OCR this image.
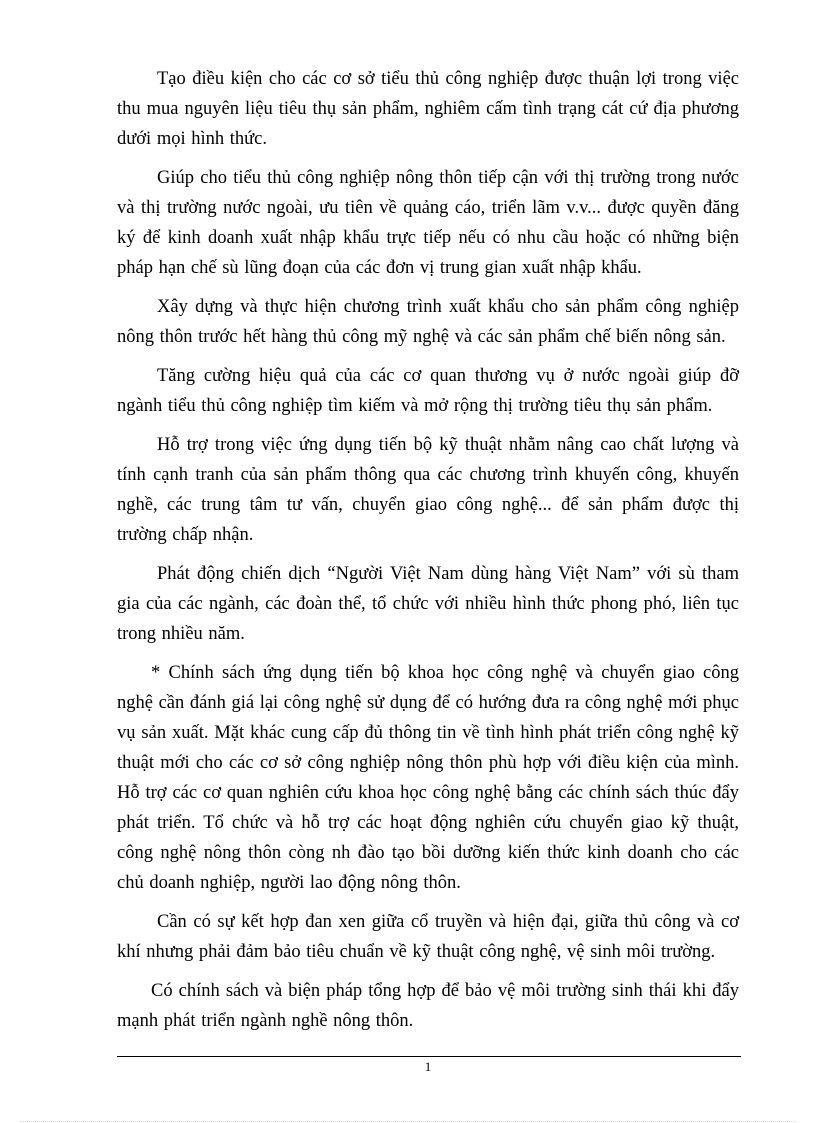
Tạo điều kiện cho các cơ sở tiểu thủ công nghiệp được thuận lợi trong việc thu mua nguyên liệu tiêu thụ sản phẩm, nghiêm cấm tình trạng cát cứ địa phương dưới mọi hình thức.

Giúp cho tiểu thủ công nghiệp nông thôn tiếp cận với thị trường trong nước và thị trường nước ngoài, ưu tiên về quảng cáo, triển lãm v.v... được quyền đăng ký để kinh doanh xuất nhập khẩu trực tiếp nếu có nhu cầu hoặc có những biện pháp hạn chế sù lũng đoạn của các đơn vị trung gian xuất nhập khẩu.

Xây dựng và thực hiện chương trình xuất khẩu cho sản phẩm công nghiệp nông thôn trước hết hàng thủ công mỹ nghệ và các sản phẩm chế biến nông sản.

Tăng cường hiệu quả của các cơ quan thương vụ ở nước ngoài giúp đỡ ngành tiểu thủ công nghiệp tìm kiếm và mở rộng thị trường tiêu thụ sản phẩm.

Hỗ trợ trong việc ứng dụng tiến bộ kỹ thuật nhằm nâng cao chất lượng và tính cạnh tranh của sản phẩm thông qua các chương trình khuyến công, khuyến nghề, các trung tâm tư vấn, chuyển giao công nghệ... để sản phẩm được thị trường chấp nhận.

Phát động chiến dịch “Người Việt Nam dùng hàng Việt Nam” với sù tham gia của các ngành, các đoàn thể, tổ chức với nhiều hình thức phong phó, liên tục trong nhiều năm.

* Chính sách ứng dụng tiến bộ khoa học công nghệ và chuyển giao công nghệ cần đánh giá lại công nghệ sử dụng để có hướng đưa ra công nghệ mới phục vụ sản xuất. Mặt khác cung cấp đủ thông tin về tình hình phát triển công nghệ kỹ thuật mới cho các cơ sở công nghiệp nông thôn phù hợp với điều kiện của mình. Hỗ trợ các cơ quan nghiên cứu khoa học công nghệ bằng các chính sách thúc đẩy phát triển. Tổ chức và hỗ trợ các hoạt động nghiên cứu chuyển giao kỹ thuật, công nghệ nông thôn còng nh đào tạo bồi dưỡng kiến thức kinh doanh cho các chủ doanh nghiệp, người lao động nông thôn.

Cần có sự kết hợp đan xen giữa cổ truyền và hiện đại, giữa thủ công và cơ khí nhưng phải đảm bảo tiêu chuẩn về kỹ thuật công nghệ, vệ sinh môi trường.

Có chính sách và biện pháp tổng hợp để bảo vệ môi trường sinh thái khi đẩy mạnh phát triển ngành nghề nông thôn.

1
